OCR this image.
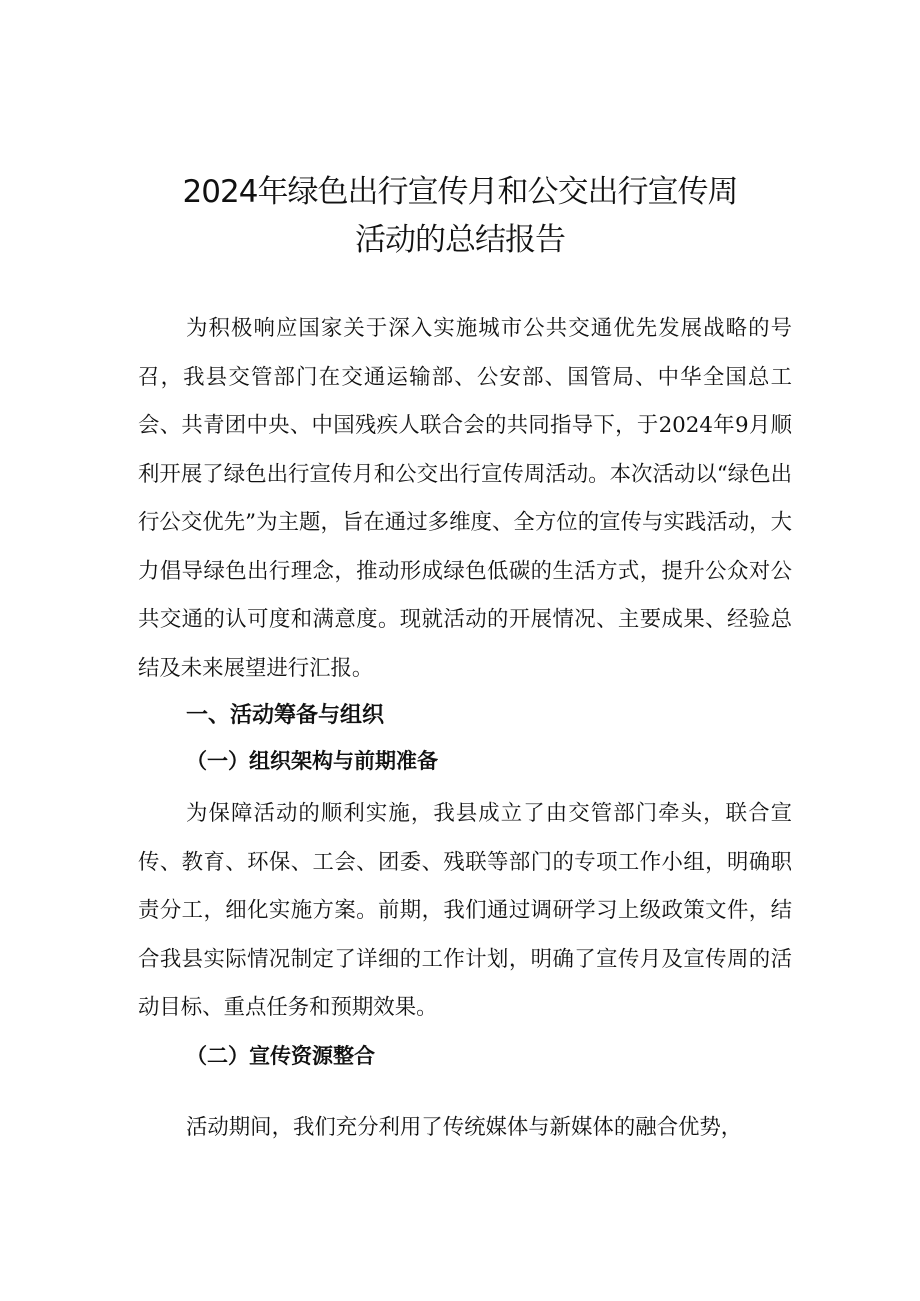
2024年绿色出行宣传月和公交出行宣传周
活动的总结报告

为积极响应国家关于深入实施城市公共交通优先发展战略的号召，我县交管部门在交通运输部、公安部、国管局、中华全国总工会、共青团中央、中国残疾人联合会的共同指导下，于2024年9月顺利开展了绿色出行宣传月和公交出行宣传周活动。本次活动以“绿色出行公交优先”为主题，旨在通过多维度、全方位的宣传与实践活动，大力倡导绿色出行理念，推动形成绿色低碳的生活方式，提升公众对公共交通的认可度和满意度。现就活动的开展情况、主要成果、经验总结及未来展望进行汇报。

一、活动筹备与组织
（一）组织架构与前期准备

为保障活动的顺利实施，我县成立了由交管部门牵头，联合宣传、教育、环保、工会、团委、残联等部门的专项工作小组，明确职责分工，细化实施方案。前期，我们通过调研学习上级政策文件，结合我县实际情况制定了详细的工作计划，明确了宣传月及宣传周的活动目标、重点任务和预期效果。

（二）宣传资源整合

活动期间，我们充分利用了传统媒体与新媒体的融合优势，
